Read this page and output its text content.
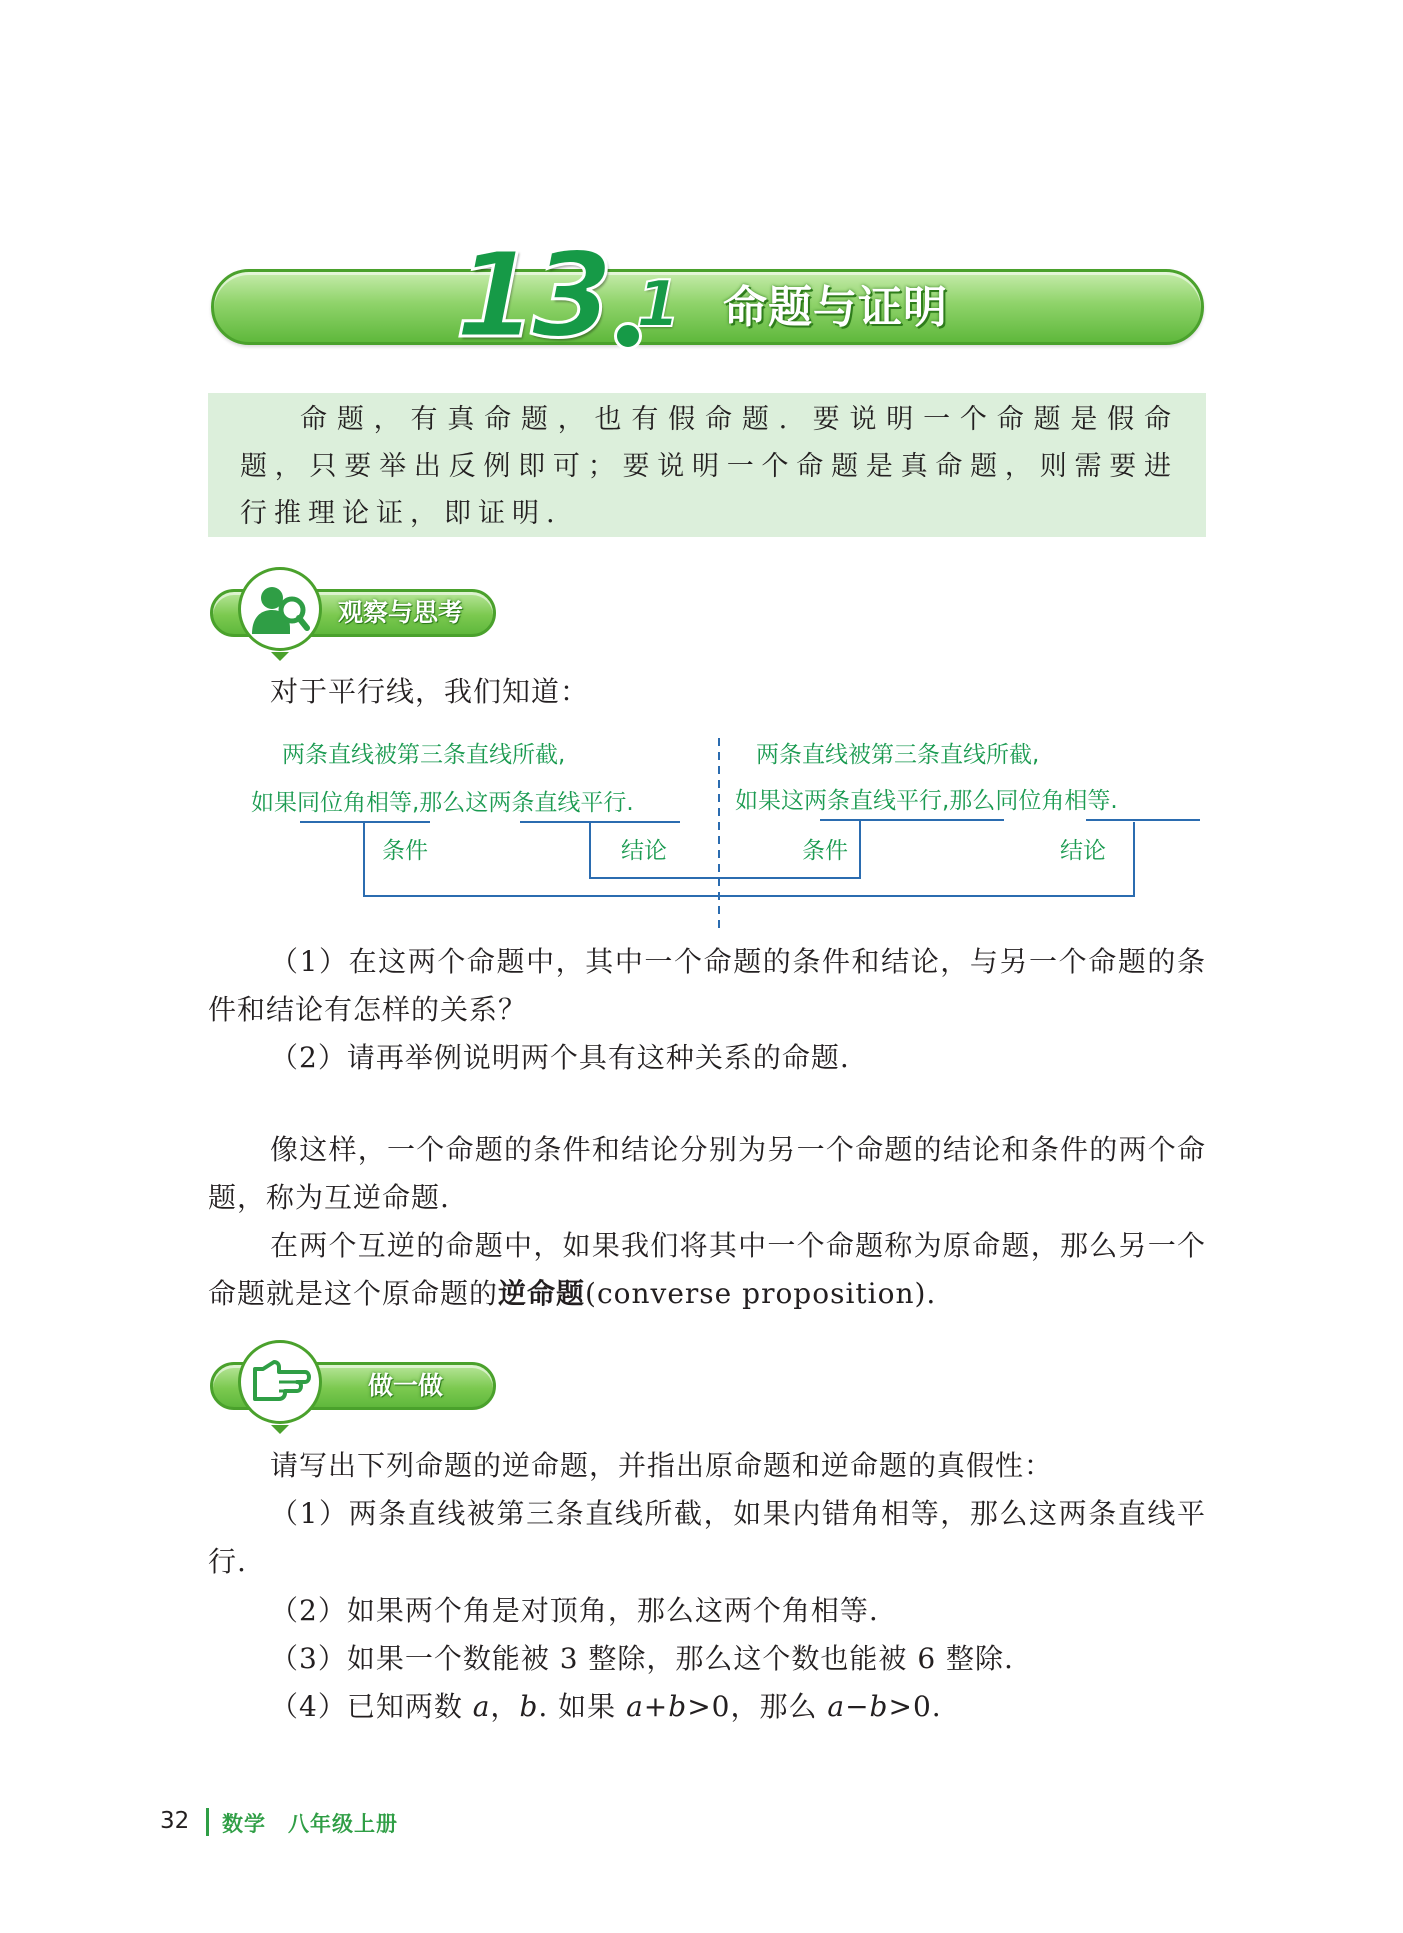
13 1 命题与证明

命题，有真命题，也有假命题. 要说明一个命题是假命题，只要举出反例即可；要说明一个命题是真命题，则需要进行推理论证，即证明.

观察与思考

对于平行线，我们知道：

两条直线被第三条直线所截,
如果同位角相等,那么这两条直线平行.
条件	结论
两条直线被第三条直线所截,
如果这两条直线平行,那么同位角相等.
条件	结论

（1）在这两个命题中，其中一个命题的条件和结论，与另一个命题的条件和结论有怎样的关系？

（2）请再举例说明两个具有这种关系的命题.

像这样，一个命题的条件和结论分别为另一个命题的结论和条件的两个命题，称为互逆命题.

在两个互逆的命题中，如果我们将其中一个命题称为原命题，那么另一个命题就是这个原命题的逆命题(converse proposition).

做一做

请写出下列命题的逆命题，并指出原命题和逆命题的真假性：

（1）两条直线被第三条直线所截，如果内错角相等，那么这两条直线平行.

（2）如果两个角是对顶角，那么这两个角相等.

（3）如果一个数能被 3 整除，那么这个数也能被 6 整除.

（4）已知两数 a，b. 如果 a+b>0，那么 a−b>0.

32 数学　八年级上册
